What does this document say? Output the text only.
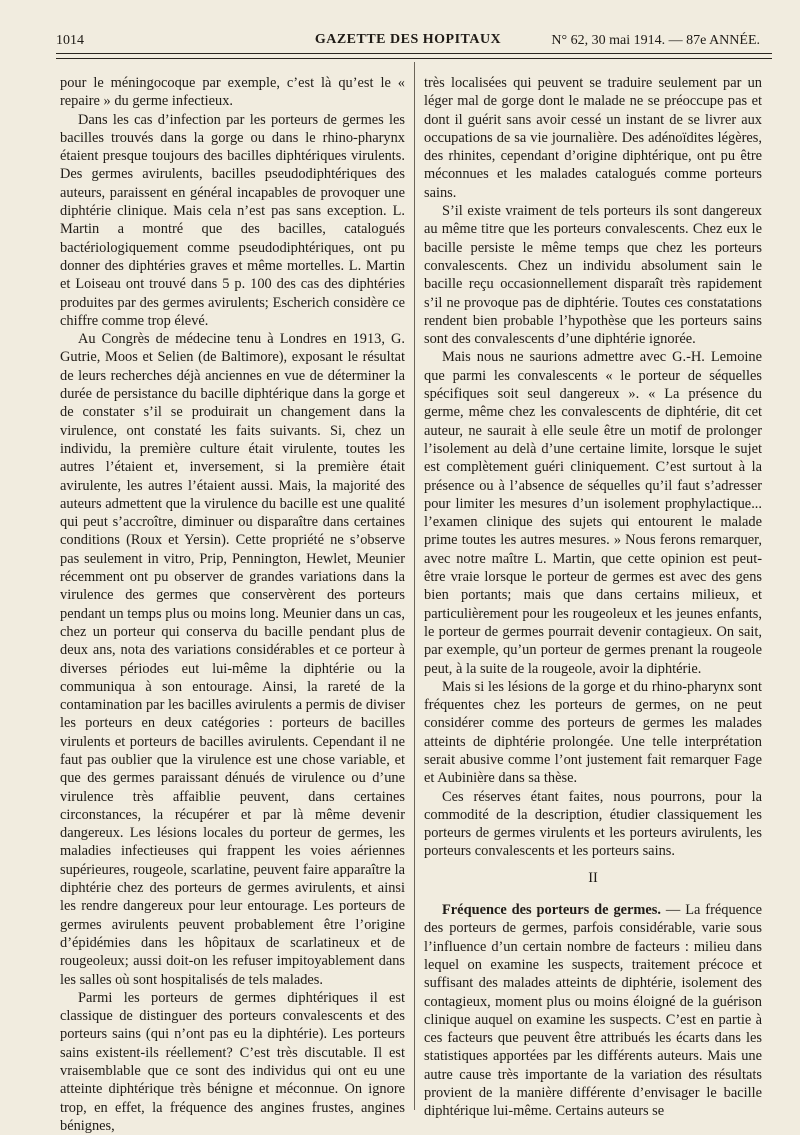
1014	GAZETTE DES HOPITAUX	N° 62, 30 mai 1914. — 87e ANNÉE.

pour le méningocoque par exemple, c’est là qu’est le « repaire » du germe infectieux.

Dans les cas d’infection par les porteurs de germes les bacilles trouvés dans la gorge ou dans le rhino-pharynx étaient presque toujours des bacilles diphtériques virulents. Des germes avirulents, bacilles pseudodiphtériques des auteurs, paraissent en général incapables de provoquer une diphtérie clinique. Mais cela n’est pas sans exception. L. Martin a montré que des bacilles, catalogués bactériologiquement comme pseudodiphtériques, ont pu donner des diphtéries graves et même mortelles. L. Martin et Loiseau ont trouvé dans 5 p. 100 des cas des diphtéries produites par des germes avirulents; Escherich considère ce chiffre comme trop élevé.

Au Congrès de médecine tenu à Londres en 1913, G. Gutrie, Moos et Selien (de Baltimore), exposant le résultat de leurs recherches déjà anciennes en vue de déterminer la durée de persistance du bacille diphtérique dans la gorge et de constater s’il se produirait un changement dans la virulence, ont constaté les faits suivants. Si, chez un individu, la première culture était virulente, toutes les autres l’étaient et, inversement, si la première était avirulente, les autres l’étaient aussi. Mais, la majorité des auteurs admettent que la virulence du bacille est une qualité qui peut s’accroître, diminuer ou disparaître dans certaines conditions (Roux et Yersin). Cette propriété ne s’observe pas seulement in vitro, Prip, Pennington, Hewlet, Meunier récemment ont pu observer de grandes variations dans la virulence des germes que conservèrent des porteurs pendant un temps plus ou moins long. Meunier dans un cas, chez un porteur qui conserva du bacille pendant plus de deux ans, nota des variations considérables et ce porteur à diverses périodes eut lui-même la diphtérie ou la communiqua à son entourage. Ainsi, la rareté de la contamination par les bacilles avirulents a permis de diviser les porteurs en deux catégories : porteurs de bacilles virulents et porteurs de bacilles avirulents. Cependant il ne faut pas oublier que la virulence est une chose variable, et que des germes paraissant dénués de virulence ou d’une virulence très affaiblie peuvent, dans certaines circonstances, la récupérer et par là même devenir dangereux. Les lésions locales du porteur de germes, les maladies infectieuses qui frappent les voies aériennes supérieures, rougeole, scarlatine, peuvent faire apparaître la diphtérie chez des porteurs de germes avirulents, et ainsi les rendre dangereux pour leur entourage. Les porteurs de germes avirulents peuvent probablement être l’origine d’épidémies dans les hôpitaux de scarlatineux et de rougeoleux; aussi doit-on les refuser impitoyablement dans les salles où sont hospitalisés de tels malades.

Parmi les porteurs de germes diphtériques il est classique de distinguer des porteurs convalescents et des porteurs sains (qui n’ont pas eu la diphtérie). Les porteurs sains existent-ils réellement? C’est très discutable. Il est vraisemblable que ce sont des individus qui ont eu une atteinte diphtérique très bénigne et méconnue. On ignore trop, en effet, la fréquence des angines frustes, angines bénignes,

très localisées qui peuvent se traduire seulement par un léger mal de gorge dont le malade ne se préoccupe pas et dont il guérit sans avoir cessé un instant de se livrer aux occupations de sa vie journalière. Des adénoïdites légères, des rhinites, cependant d’origine diphtérique, ont pu être méconnues et les malades catalogués comme porteurs sains.

S’il existe vraiment de tels porteurs ils sont dangereux au même titre que les porteurs convalescents. Chez eux le bacille persiste le même temps que chez les porteurs convalescents. Chez un individu absolument sain le bacille reçu occasionnellement disparaît très rapidement s’il ne provoque pas de diphtérie. Toutes ces constatations rendent bien probable l’hypothèse que les porteurs sains sont des convalescents d’une diphtérie ignorée.

Mais nous ne saurions admettre avec G.-H. Lemoine que parmi les convalescents « le porteur de séquelles spécifiques soit seul dangereux ». « La présence du germe, même chez les convalescents de diphtérie, dit cet auteur, ne saurait à elle seule être un motif de prolonger l’isolement au delà d’une certaine limite, lorsque le sujet est complètement guéri cliniquement. C’est surtout à la présence ou à l’absence de séquelles qu’il faut s’adresser pour limiter les mesures d’un isolement prophylactique... l’examen clinique des sujets qui entourent le malade prime toutes les autres mesures. » Nous ferons remarquer, avec notre maître L. Martin, que cette opinion est peut-être vraie lorsque le porteur de germes est avec des gens bien portants; mais que dans certains milieux, et particulièrement pour les rougeoleux et les jeunes enfants, le porteur de germes pourrait devenir contagieux. On sait, par exemple, qu’un porteur de germes prenant la rougeole peut, à la suite de la rougeole, avoir la diphtérie.

Mais si les lésions de la gorge et du rhino-pharynx sont fréquentes chez les porteurs de germes, on ne peut considérer comme des porteurs de germes les malades atteints de diphtérie prolongée. Une telle interprétation serait abusive comme l’ont justement fait remarquer Fage et Aubinière dans sa thèse.

Ces réserves étant faites, nous pourrons, pour la commodité de la description, étudier classiquement les porteurs de germes virulents et les porteurs avirulents, les porteurs convalescents et les porteurs sains.

II

Fréquence des porteurs de germes. — La fréquence des porteurs de germes, parfois considérable, varie sous l’influence d’un certain nombre de facteurs : milieu dans lequel on examine les suspects, traitement précoce et suffisant des malades atteints de diphtérie, isolement des contagieux, moment plus ou moins éloigné de la guérison clinique auquel on examine les suspects. C’est en partie à ces facteurs que peuvent être attribués les écarts dans les statistiques apportées par les différents auteurs. Mais une autre cause très importante de la variation des résultats provient de la manière différente d’envisager le bacille diphtérique lui-même. Certains auteurs se
